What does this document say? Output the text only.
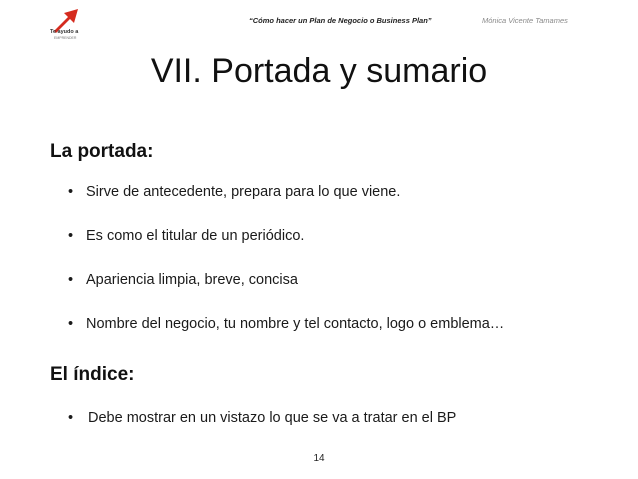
Te ayudo a
EMPRENDER
“Cómo hacer un Plan de Negocio o Business Plan”	Mónica Vicente Tamames
VII. Portada y sumario
La portada:
• Sirve de antecedente, prepara para lo que viene.
• Es como el titular de un periódico.
• Apariencia limpia, breve, concisa
• Nombre del negocio, tu nombre y tel contacto, logo o emblema…
El índice:
• Debe mostrar en un vistazo lo que se va a tratar en el BP
14
